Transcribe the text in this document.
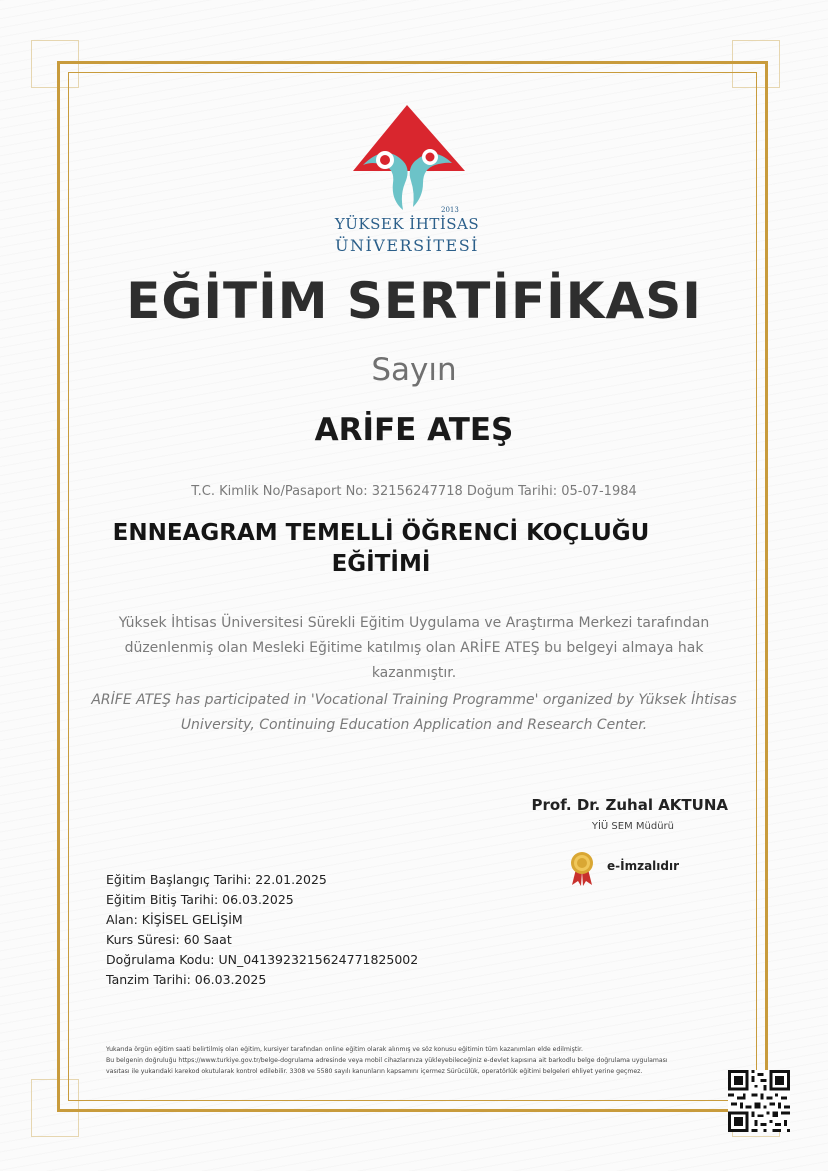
2013
YÜKSEK İHTİSAS
ÜNİVERSİTESİ
EĞİTİM SERTİFİKASI
Sayın
ARİFE ATEŞ
T.C. Kimlik No/Pasaport No: 32156247718 Doğum Tarihi: 05-07-1984
ENNEAGRAM TEMELLİ ÖĞRENCİ KOÇLUĞU EĞİTİMİ
Yüksek İhtisas Üniversitesi Sürekli Eğitim Uygulama ve Araştırma Merkezi tarafından düzenlenmiş olan Mesleki Eğitime katılmış olan ARİFE ATEŞ bu belgeyi almaya hak kazanmıştır.
ARİFE ATEŞ has participated in 'Vocational Training Programme' organized by Yüksek İhtisas University, Continuing Education Application and Research Center.
Prof. Dr. Zuhal AKTUNA
YİÜ SEM Müdürü
e-İmzalıdır
Eğitim Başlangıç Tarihi: 22.01.2025
Eğitim Bitiş Tarihi: 06.03.2025
Alan: KİŞİSEL GELİŞİM
Kurs Süresi: 60 Saat
Doğrulama Kodu: UN_041392321562477182500​2
Tanzim Tarihi: 06.03.2025
Yukarıda örgün eğitim saati belirtilmiş olan eğitim, kursiyer tarafından online eğitim olarak alınmış ve söz konusu eğitimin tüm kazanımları elde edilmiştir.
Bu belgenin doğruluğu https://www.turkiye.gov.tr/belge-dogrulama adresinde veya mobil cihazlarınıza yükleyebileceğiniz e-devlet kapısına ait barkodlu belge doğrulama uygulaması
vasıtası ile yukarıdaki karekod okutularak kontrol edilebilir. 3308 ve 5580 sayılı kanunların kapsamını içermez Sürücülük, operatörlük eğitimi belgeleri ehliyet yerine geçmez.
